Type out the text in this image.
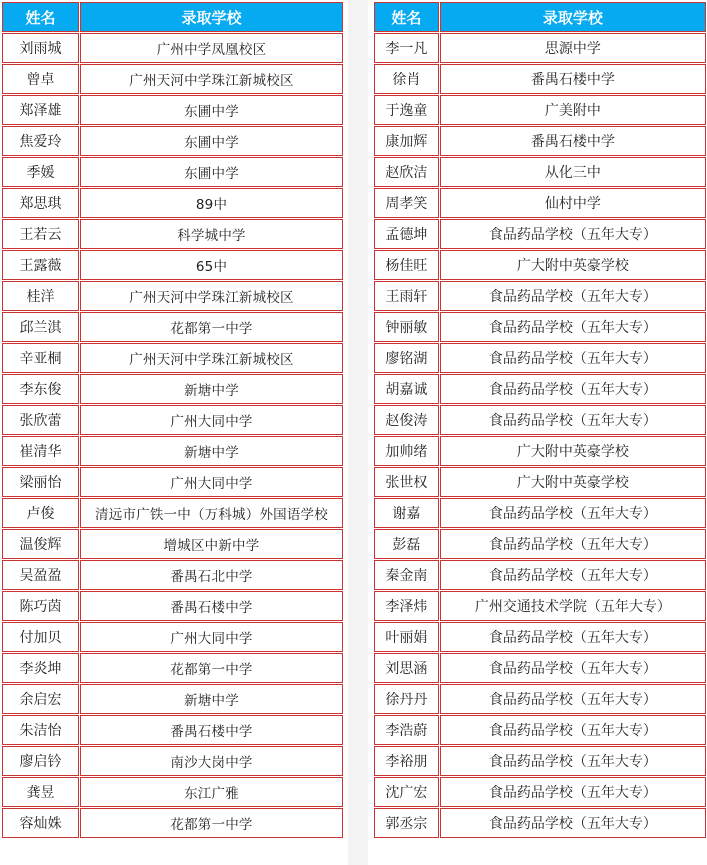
姓名	录取学校
刘雨城	广州中学凤凰校区
曾卓	广州天河中学珠江新城校区
郑泽雄	东圃中学
焦爱玲	东圃中学
季媛	东圃中学
郑思琪	89中
王若云	科学城中学
王露薇	65中
桂洋	广州天河中学珠江新城校区
邱兰淇	花都第一中学
辛亚桐	广州天河中学珠江新城校区
李东俊	新塘中学
张欣蕾	广州大同中学
崔清华	新塘中学
梁丽怡	广州大同中学
卢俊	清远市广铁一中（万科城）外国语学校
温俊辉	增城区中新中学
吴盈盈	番禺石北中学
陈巧茵	番禺石楼中学
付加贝	广州大同中学
李炎坤	花都第一中学
余启宏	新塘中学
朱洁怡	番禺石楼中学
廖启钤	南沙大岗中学
龚昱	东江广雅
容灿姝	花都第一中学
姓名	录取学校
李一凡	思源中学
徐肖	番禺石楼中学
于逸童	广美附中
康加辉	番禺石楼中学
赵欣洁	从化三中
周孝笑	仙村中学
孟德坤	食品药品学校（五年大专）
杨佳旺	广大附中英豪学校
王雨轩	食品药品学校（五年大专）
钟丽敏	食品药品学校（五年大专）
廖铭湖	食品药品学校（五年大专）
胡嘉诚	食品药品学校（五年大专）
赵俊涛	食品药品学校（五年大专）
加帅绪	广大附中英豪学校
张世权	广大附中英豪学校
谢嘉	食品药品学校（五年大专）
彭磊	食品药品学校（五年大专）
秦金南	食品药品学校（五年大专）
李泽炜	广州交通技术学院（五年大专）
叶丽娟	食品药品学校（五年大专）
刘思涵	食品药品学校（五年大专）
徐丹丹	食品药品学校（五年大专）
李浩蔚	食品药品学校（五年大专）
李裕朋	食品药品学校（五年大专）
沈广宏	食品药品学校（五年大专）
郭丞宗	食品药品学校（五年大专）
